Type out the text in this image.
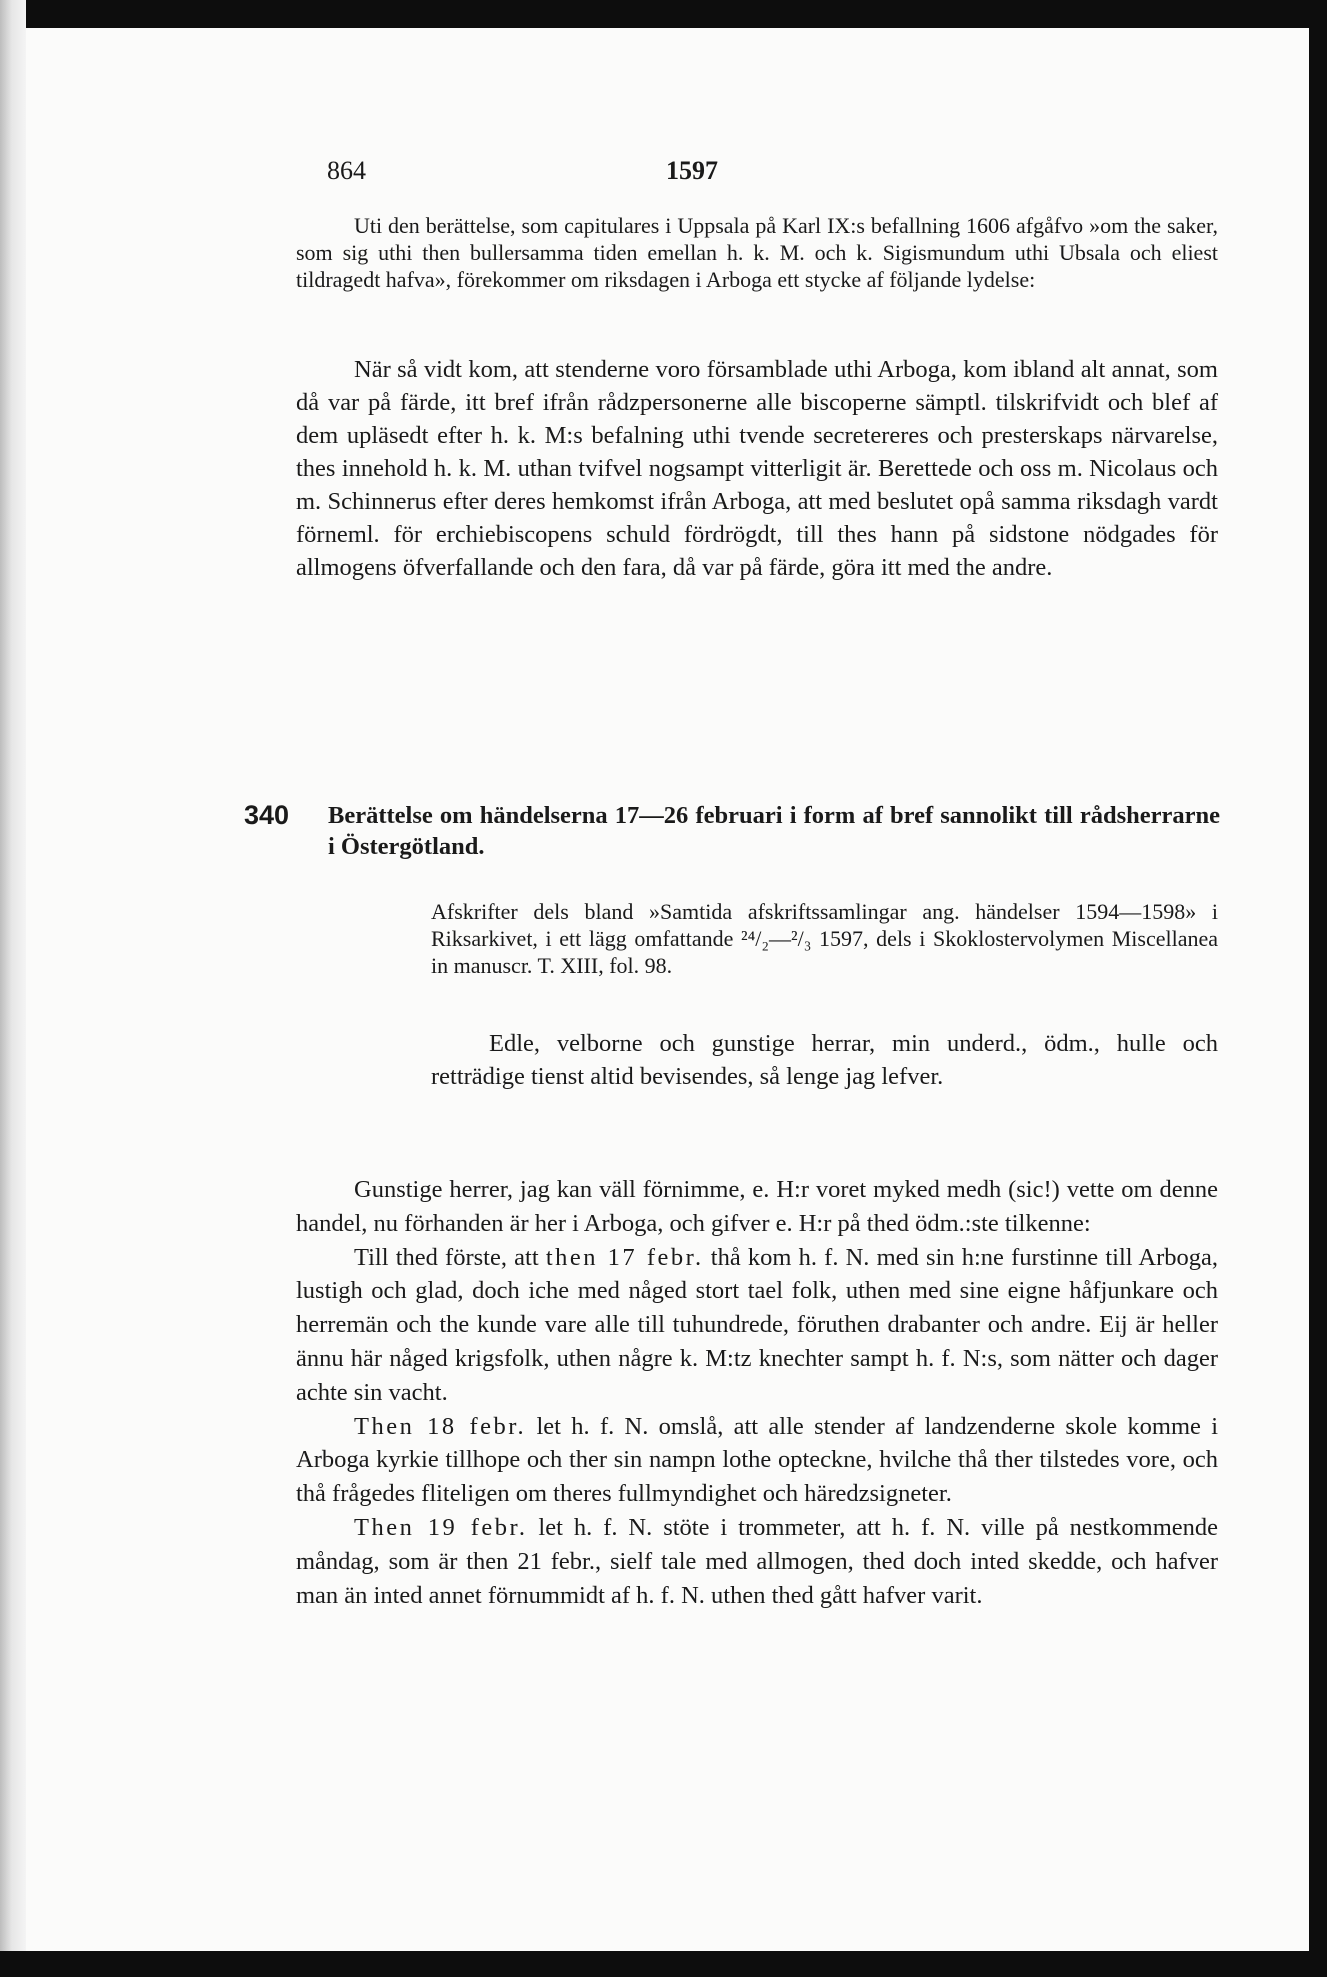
864	1597

Uti den berättelse, som capitulares i Uppsala på Karl IX:s befallning 1606 afgåfvo »om the saker, som sig uthi then bullersamma tiden emellan h. k. M. och k. Sigismundum uthi Ubsala och eliest tildragedt hafva», förekommer om riksdagen i Arboga ett stycke af följande lydelse:

När så vidt kom, att stenderne voro församblade uthi Arboga, kom ibland alt annat, som då var på färde, itt bref ifrån rådzpersonerne alle biscoperne sämptl. tilskrifvidt och blef af dem upläsedt efter h. k. M:s befalning uthi tvende secretereres och presterskaps närvarelse, thes innehold h. k. M. uthan tvifvel nogsampt vitterligit är. Berettede och oss m. Nicolaus och m. Schinnerus efter deres hemkomst ifrån Arboga, att med beslutet opå samma riksdagh vardt förneml. för erchiebiscopens schuld fördrögdt, till thes hann på sidstone nödgades för allmogens öfverfallande och den fara, då var på färde, göra itt med the andre.

340 Berättelse om händelserna 17—26 februari i form af bref sannolikt till rådsherrarne i Östergötland.

Afskrifter dels bland »Samtida afskriftssamlingar ang. händelser 1594—1598» i Riksarkivet, i ett lägg omfattande ²⁴/₂—²/₃ 1597, dels i Skoklostervolymen Miscellanea in manuscr. T. XIII, fol. 98.

Edle, velborne och gunstige herrar, min underd., ödm., hulle och retträdige tienst altid bevisendes, så lenge jag lefver.

Gunstige herrer, jag kan väll förnimme, e. H:r voret myked medh (sic!) vette om denne handel, nu förhanden är her i Arboga, och gifver e. H:r på thed ödm.:ste tilkenne:

Till thed förste, att then 17 febr. thå kom h. f. N. med sin h:ne furstinne till Arboga, lustigh och glad, doch iche med någed stort tael folk, uthen med sine eigne håfjunkare och herremän och the kunde vare alle till tuhundrede, föruthen drabanter och andre. Eij är heller ännu här någed krigsfolk, uthen någre k. M:tz knechter sampt h. f. N:s, som nätter och dager achte sin vacht.

Then 18 febr. let h. f. N. omslå, att alle stender af landzenderne skole komme i Arboga kyrkie tillhope och ther sin nampn lothe opteckne, hvilche thå ther tilstedes vore, och thå frågedes fliteligen om theres fullmyndighet och häredzsigneter.

Then 19 febr. let h. f. N. stöte i trommeter, att h. f. N. ville på nestkommende måndag, som är then 21 febr., sielf tale med allmogen, thed doch inted skedde, och hafver man än inted annet förnummidt af h. f. N. uthen thed gått hafver varit.
